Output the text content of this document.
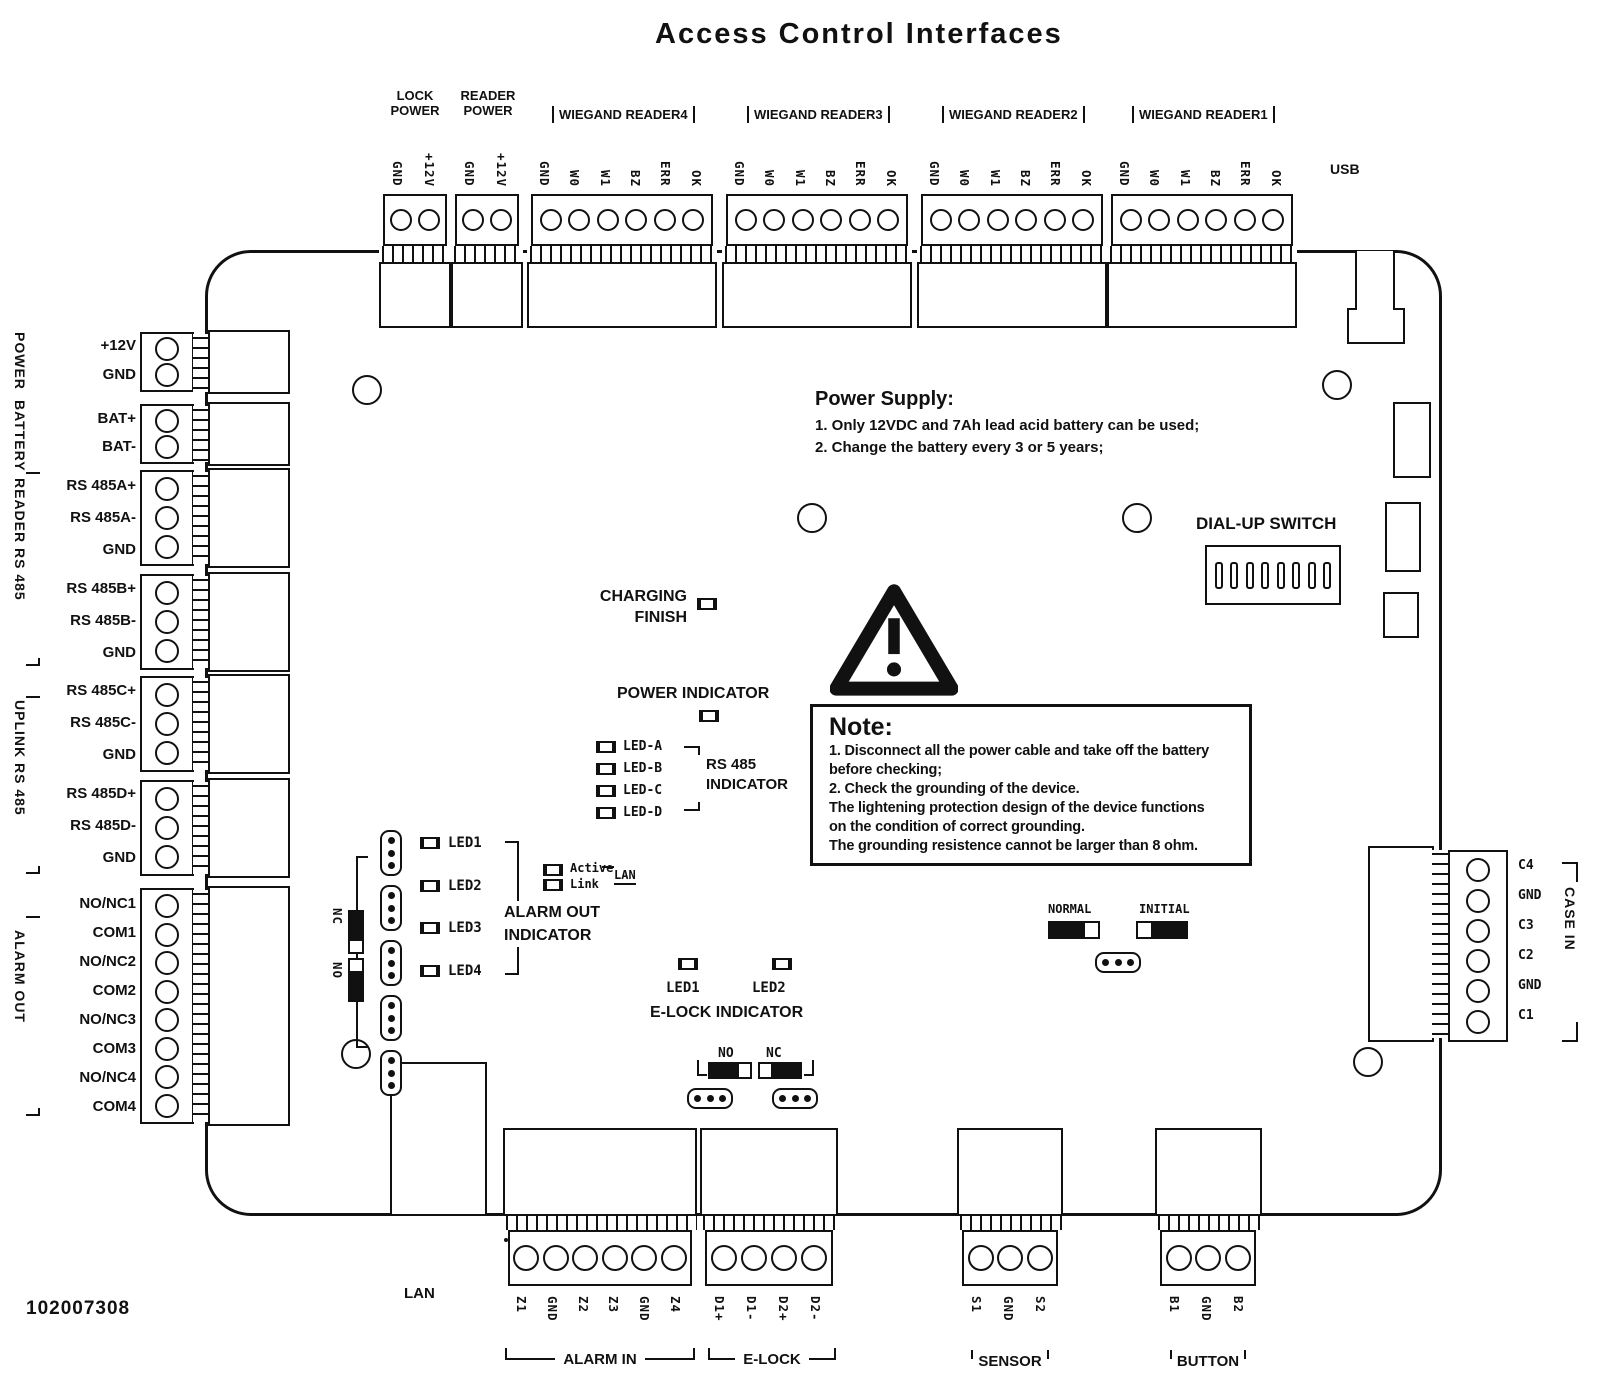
Access Control Interfaces
USB
LOCK POWER
READER POWER	WIEGAND READER4	WIEGAND READER3	WIEGAND READER2	WIEGAND READER1
GND +12V GND +12V GND W0 W1 BZ ERR OK GND W0 W1 BZ ERR OK GND W0 W1 BZ ERR OK GND W0 W1 BZ ERR OK
POWER
BATTERY
READER RS 485
UPLINK RS 485
ALARM OUT
+12V
GND
BAT+
BAT-
RS 485A+
RS 485A-
GND
RS 485B+
RS 485B-
GND
RS 485C+
RS 485C-
GND
RS 485D+
RS 485D-
GND
NO/NC1
COM1
NO/NC2
COM2
NO/NC3
COM3
NO/NC4
COM4
C4
GND
C3
C2
GND
C1
CASE IN
LAN
Z1 GND Z2 Z3 GND Z4 D1+ D1- D2+ D2-	S1 GND S2	B1 GND B2
ALARM IN	E-LOCK	SENSOR	BUTTON
CHARGING
FINISH
POWER INDICATOR
LED-A
LED-B
LED-C
LED-D
RS 485
INDICATOR
NC
NO
LED1
LED2
LED3
LED4
ALARM OUT
INDICATOR
Active
Link
LAN
LED1	LED2
E-LOCK INDICATOR
NO NC
NORMAL	INITIAL
Power Supply:
1. Only 12VDC and 7Ah lead acid battery can be used;
2. Change the battery every 3 or 5 years;
Note:
1. Disconnect all the power cable and take off the battery
before checking;
2. Check the grounding of the device.
The lightening protection design of the device functions
on the condition of correct grounding.
The grounding resistence cannot be larger than 8 ohm.
DIAL-UP SWITCH
102007308
